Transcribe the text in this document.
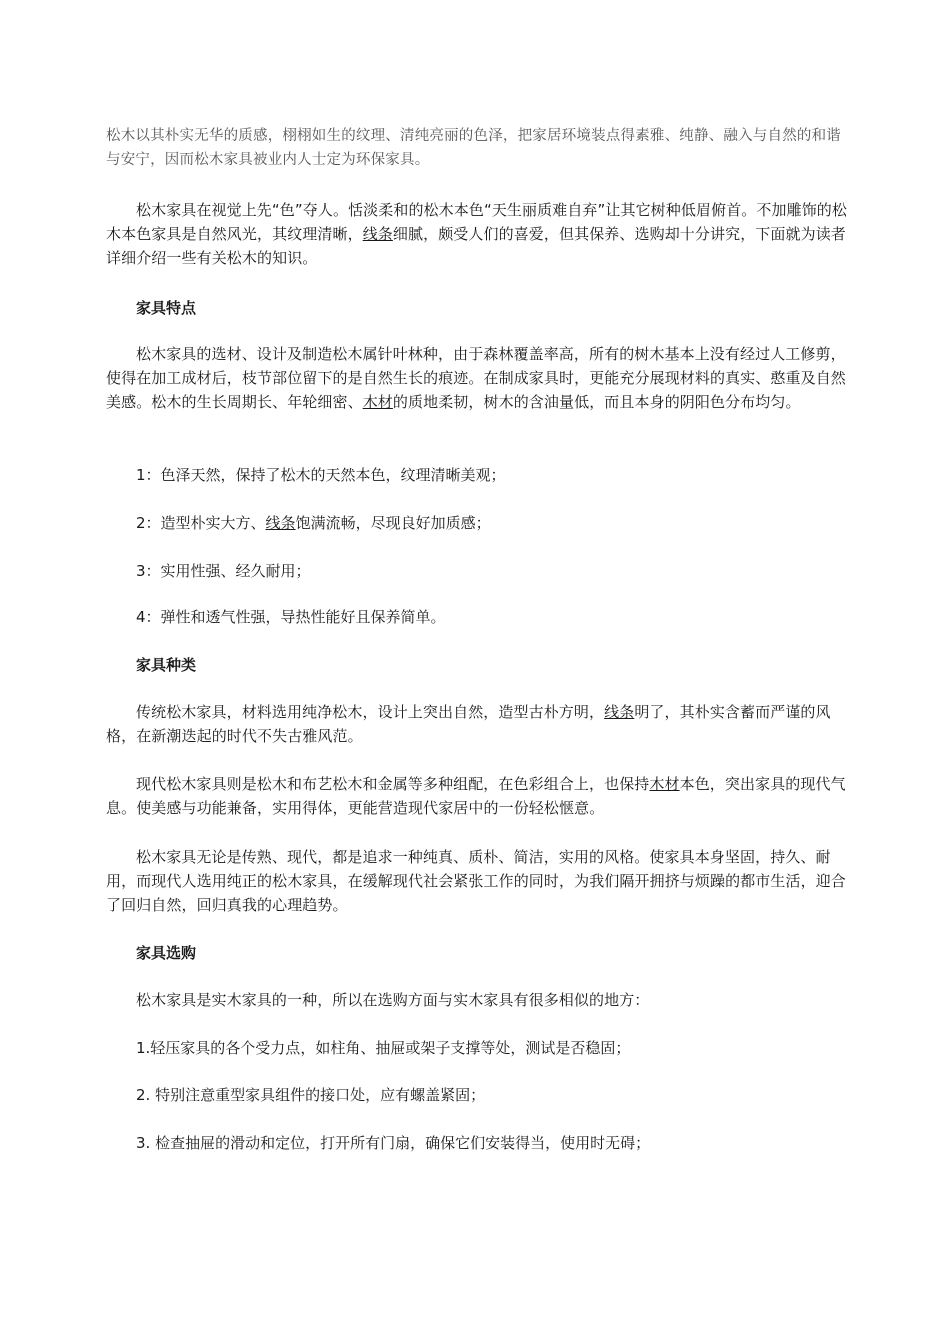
松木以其朴实无华的质感，栩栩如生的纹理、清纯亮丽的色泽，把家居环境装点得素雅、纯静、融入与自然的和谐与安宁，因而松木家具被业内人士定为环保家具。

松木家具在视觉上先“色”夺人。恬淡柔和的松木本色“天生丽质难自弃”让其它树种低眉俯首。不加雕饰的松木本色家具是自然风光，其纹理清晰，线条细腻，颇受人们的喜爱，但其保养、选购却十分讲究，下面就为读者详细介绍一些有关松木的知识。

家具特点

松木家具的选材、设计及制造松木属针叶林种，由于森林覆盖率高，所有的树木基本上没有经过人工修剪，使得在加工成材后，枝节部位留下的是自然生长的痕迹。在制成家具时，更能充分展现材料的真实、憨重及自然美感。松木的生长周期长、年轮细密、木材的质地柔韧，树木的含油量低，而且本身的阴阳色分布均匀。

1：色泽天然，保持了松木的天然本色，纹理清晰美观；

2：造型朴实大方、线条饱满流畅，尽现良好加质感；

3：实用性强、经久耐用；

4：弹性和透气性强，导热性能好且保养简单。

家具种类

传统松木家具，材料选用纯净松木，设计上突出自然，造型古朴方明，线条明了，其朴实含蓄而严谨的风格，在新潮迭起的时代不失古雅风范。

现代松木家具则是松木和布艺松木和金属等多种组配，在色彩组合上，也保持木材本色，突出家具的现代气息。使美感与功能兼备，实用得体，更能营造现代家居中的一份轻松惬意。

松木家具无论是传熟、现代，都是追求一种纯真、质朴、简洁，实用的风格。使家具本身坚固，持久、耐用，而现代人选用纯正的松木家具，在缓解现代社会紧张工作的同时，为我们隔开拥挤与烦躁的都市生活，迎合了回归自然，回归真我的心理趋势。

家具选购

松木家具是实木家具的一种，所以在选购方面与实木家具有很多相似的地方：

1.轻压家具的各个受力点，如柱角、抽屉或架子支撑等处，测试是否稳固；

2. 特别注意重型家具组件的接口处，应有螺盖紧固；

3. 检查抽屉的滑动和定位，打开所有门扇，确保它们安装得当，使用时无碍；
